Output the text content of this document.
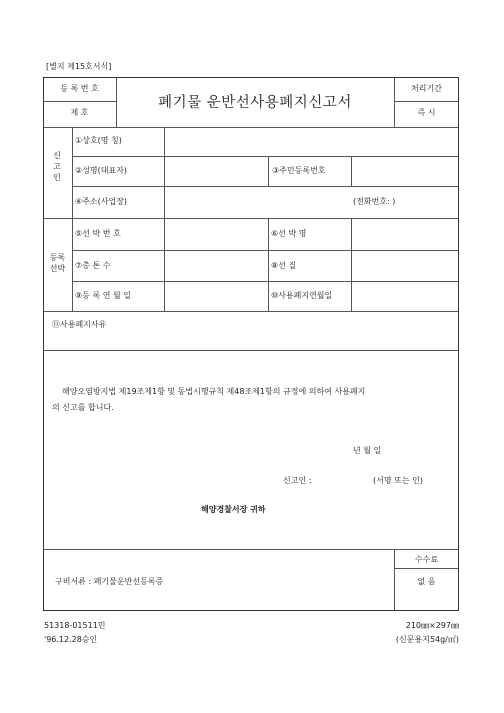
[별지 제15호서식]
등 록 번 호
제 호
폐기물 운반선사용폐지신고서
처리기간
즉 시
신
고
인
①상호(명 칭)
②성명(대표자)	③주민등록번호
④주소(사업장)	(전화번호: )
등록
선박
⑤선 박 번 호	⑥선 박 명
⑦총 톤 수	⑧선 질
⑨등 록 연 월 일	⑩사용폐지연월일
⑪사용폐지사유
해양오염방지법 제19조제1항 및 동법시행규칙 제48조제1항의 규정에 의하여 사용폐지
의 신고를 합니다.
년 월 일
신고인 :	(서명 또는 인)
해양경찰서장 귀하
구비서류 : 폐기물운반선등록증
수수료
없 음
51318-01511민
'96.12.28승인
210㎜×297㎜
(신문용지54g/㎡)
